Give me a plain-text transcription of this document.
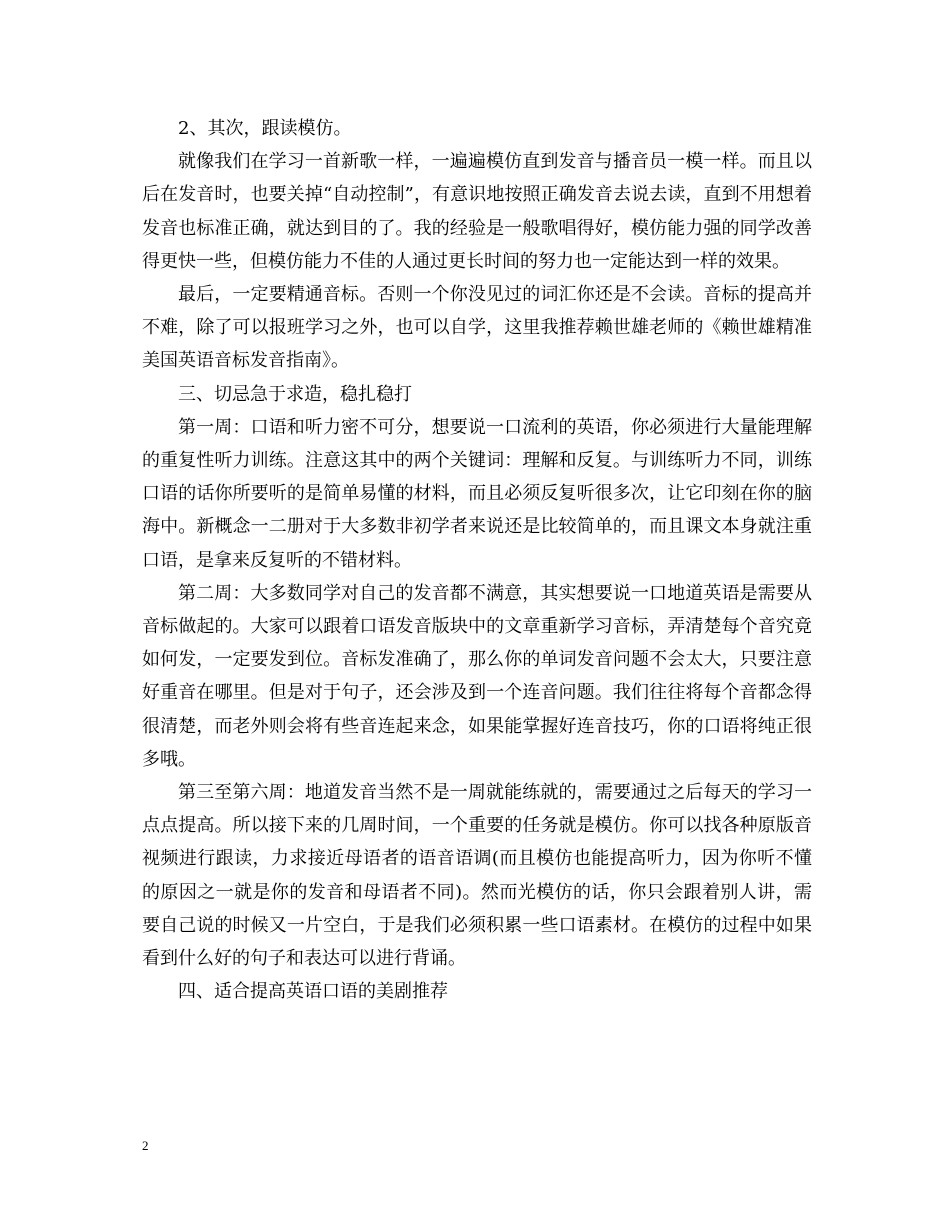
2、其次，跟读模仿。

就像我们在学习一首新歌一样，一遍遍模仿直到发音与播音员一模一样。而且以后在发音时，也要关掉“自动控制”，有意识地按照正确发音去说去读，直到不用想着发音也标准正确，就达到目的了。我的经验是一般歌唱得好，模仿能力强的同学改善得更快一些，但模仿能力不佳的人通过更长时间的努力也一定能达到一样的效果。

最后，一定要精通音标。否则一个你没见过的词汇你还是不会读。音标的提高并不难，除了可以报班学习之外，也可以自学，这里我推荐赖世雄老师的《赖世雄精准美国英语音标发音指南》。

三、切忌急于求造，稳扎稳打

第一周：口语和听力密不可分，想要说一口流利的英语，你必须进行大量能理解的重复性听力训练。注意这其中的两个关键词：理解和反复。与训练听力不同，训练口语的话你所要听的是简单易懂的材料，而且必须反复听很多次，让它印刻在你的脑海中。新概念一二册对于大多数非初学者来说还是比较简单的，而且课文本身就注重口语，是拿来反复听的不错材料。

第二周：大多数同学对自己的发音都不满意，其实想要说一口地道英语是需要从音标做起的。大家可以跟着口语发音版块中的文章重新学习音标，弄清楚每个音究竟如何发，一定要发到位。音标发准确了，那么你的单词发音问题不会太大，只要注意好重音在哪里。但是对于句子，还会涉及到一个连音问题。我们往往将每个音都念得很清楚，而老外则会将有些音连起来念，如果能掌握好连音技巧，你的口语将纯正很多哦。

第三至第六周：地道发音当然不是一周就能练就的，需要通过之后每天的学习一点点提高。所以接下来的几周时间，一个重要的任务就是模仿。你可以找各种原版音视频进行跟读，力求接近母语者的语音语调(而且模仿也能提高听力，因为你听不懂的原因之一就是你的发音和母语者不同)。然而光模仿的话，你只会跟着别人讲，需要自己说的时候又一片空白，于是我们必须积累一些口语素材。在模仿的过程中如果看到什么好的句子和表达可以进行背诵。

四、适合提高英语口语的美剧推荐

2
